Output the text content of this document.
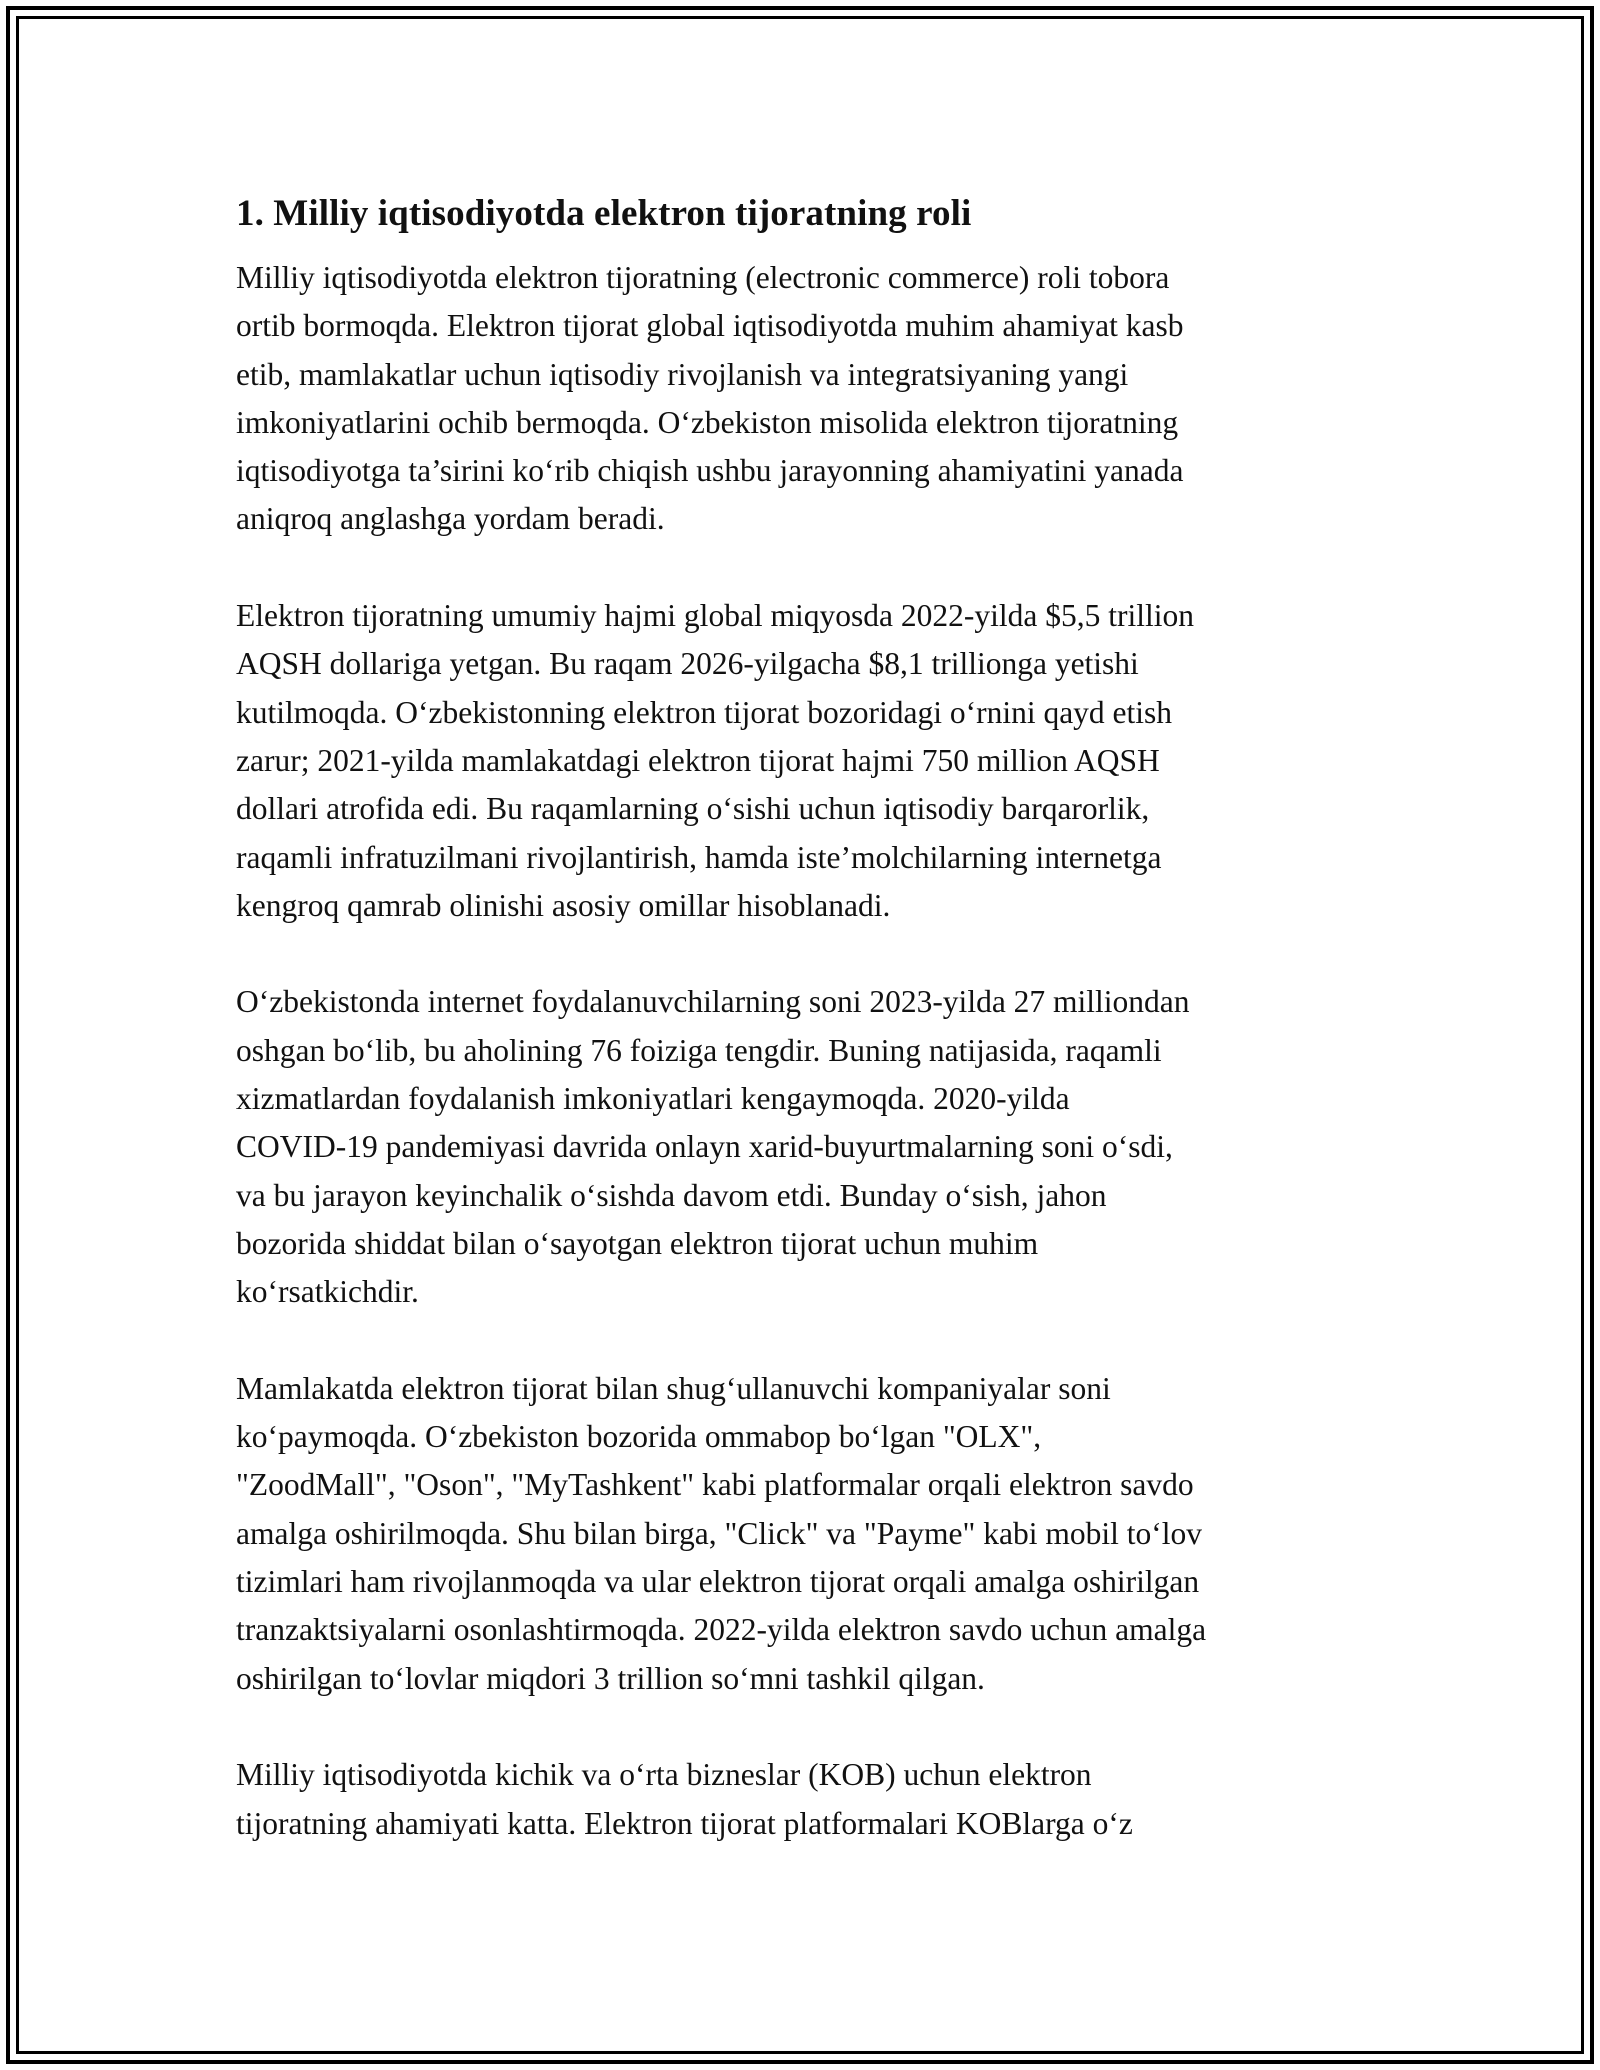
1. Milliy iqtisodiyotda elektron tijoratning roli
Milliy iqtisodiyotda elektron tijoratning (electronic commerce) roli tobora
ortib bormoqda. Elektron tijorat global iqtisodiyotda muhim ahamiyat kasb
etib, mamlakatlar uchun iqtisodiy rivojlanish va integratsiyaning yangi
imkoniyatlarini ochib bermoqda. O‘zbekiston misolida elektron tijoratning
iqtisodiyotga ta’sirini ko‘rib chiqish ushbu jarayonning ahamiyatini yanada
aniqroq anglashga yordam beradi.
Elektron tijoratning umumiy hajmi global miqyosda 2022-yilda $5,5 trillion
AQSH dollariga yetgan. Bu raqam 2026-yilgacha $8,1 trillionga yetishi
kutilmoqda. O‘zbekistonning elektron tijorat bozoridagi o‘rnini qayd etish
zarur; 2021-yilda mamlakatdagi elektron tijorat hajmi 750 million AQSH
dollari atrofida edi. Bu raqamlarning o‘sishi uchun iqtisodiy barqarorlik,
raqamli infratuzilmani rivojlantirish, hamda iste’molchilarning internetga
kengroq qamrab olinishi asosiy omillar hisoblanadi.
O‘zbekistonda internet foydalanuvchilarning soni 2023-yilda 27 milliondan
oshgan bo‘lib, bu aholining 76 foiziga tengdir. Buning natijasida, raqamli
xizmatlardan foydalanish imkoniyatlari kengaymoqda. 2020-yilda
COVID-19 pandemiyasi davrida onlayn xarid-buyurtmalarning soni o‘sdi,
va bu jarayon keyinchalik o‘sishda davom etdi. Bunday o‘sish, jahon
bozorida shiddat bilan o‘sayotgan elektron tijorat uchun muhim
ko‘rsatkichdir.
Mamlakatda elektron tijorat bilan shug‘ullanuvchi kompaniyalar soni
ko‘paymoqda. O‘zbekiston bozorida ommabop bo‘lgan "OLX",
"ZoodMall", "Oson", "MyTashkent" kabi platformalar orqali elektron savdo
amalga oshirilmoqda. Shu bilan birga, "Click" va "Payme" kabi mobil to‘lov
tizimlari ham rivojlanmoqda va ular elektron tijorat orqali amalga oshirilgan
tranzaktsiyalarni osonlashtirmoqda. 2022-yilda elektron savdo uchun amalga
oshirilgan to‘lovlar miqdori 3 trillion so‘mni tashkil qilgan.
Milliy iqtisodiyotda kichik va o‘rta bizneslar (KOB) uchun elektron
tijoratning ahamiyati katta. Elektron tijorat platformalari KOBlarga o‘z
